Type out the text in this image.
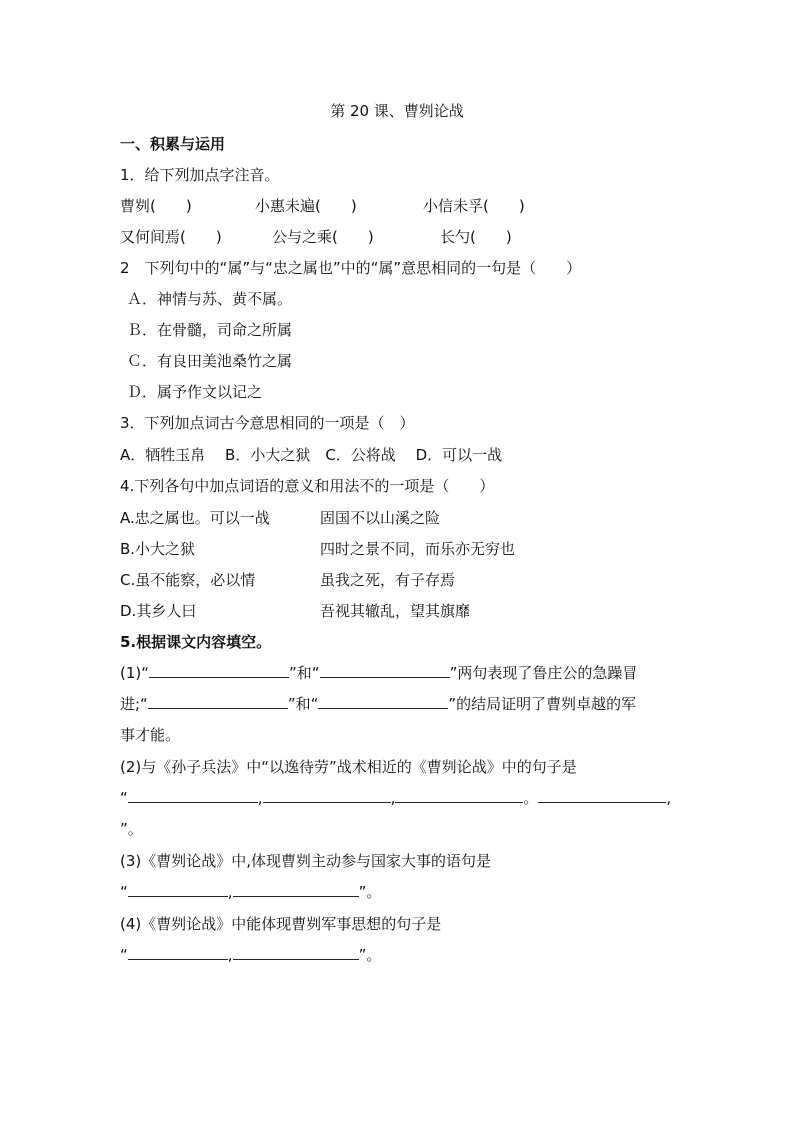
第 20 课、曹刿论战
一、积累与运用
1．给下列加点字注音。
曹刿(　　)	小惠未遍(　　)	小信未孚(　　)
又何间焉(　　)	公与之乘(　　)	长勺(　　)
2　下列句中的“属”与“忠之属也”中的“属”意思相同的一句是（　　）
Ａ．神情与苏、黄不属。
Ｂ．在骨髓，司命之所属
Ｃ．有良田美池桑竹之属
Ｄ．属予作文以记之
3．下列加点词古今意思相同的一项是（　）
A．牺牲玉帛　 B．小大之狱　C．公将战　 D．可以一战
4.下列各句中加点词语的意义和用法不的一项是（　　）
A.忠之属也。可以一战	固国不以山溪之险
B.小大之狱	四时之景不同，而乐亦无穷也
C.虽不能察，必以情	虽我之死，有子存焉
D.其乡人曰	吾视其辙乱，望其旗靡
5.根据课文内容填空。
(1)“	”和“	”两句表现了鲁庄公的急躁冒
进;“	”和“	”的结局证明了曹刿卓越的军
事才能。
(2)与《孙子兵法》中“以逸待劳”战术相近的《曹刿论战》中的句子是
“	,	,	。	,
”。
(3)《曹刿论战》中,体现曹刿主动参与国家大事的语句是
“	,	”。
(4)《曹刿论战》中能体现曹刿军事思想的句子是
“	,	”。
